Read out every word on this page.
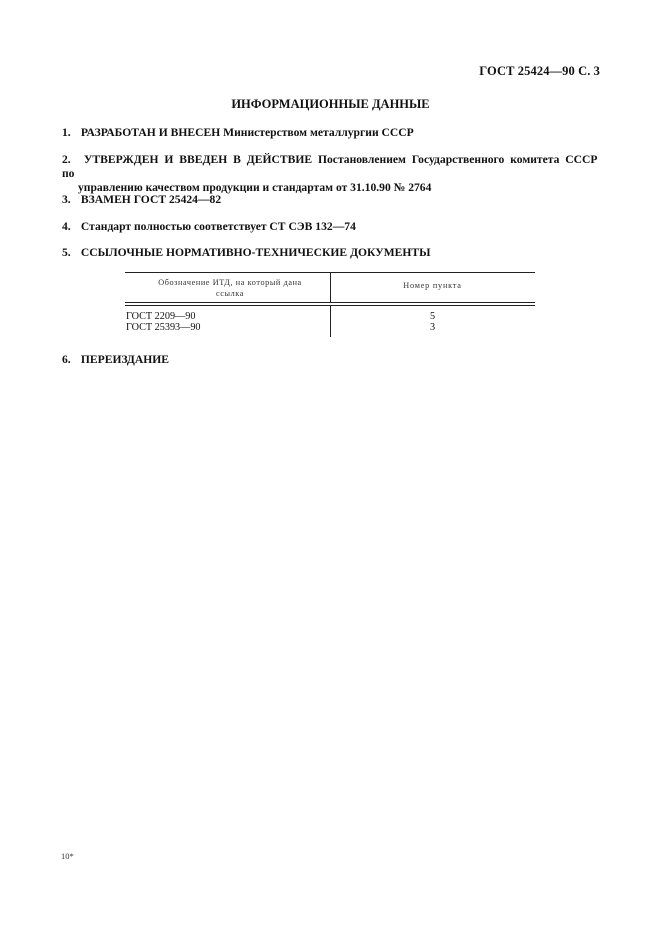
ГОСТ 25424—90 С. 3
ИНФОРМАЦИОННЫЕ ДАННЫЕ
1. РАЗРАБОТАН И ВНЕСЕН Министерством металлургии СССР
2. УТВЕРЖДЕН И ВВЕДЕН В ДЕЙСТВИЕ Постановлением Государственного комитета СССР по
управлению качеством продукции и стандартам от 31.10.90 № 2764
3. ВЗАМЕН ГОСТ 25424—82
4. Стандарт полностью соответствует СТ СЭВ 132—74
5. ССЫЛОЧНЫЕ НОРМАТИВНО-ТЕХНИЧЕСКИЕ ДОКУМЕНТЫ
Обозначение ИТД, на который дана ссылка
Номер пункта
ГОСТ 2209—90	5
ГОСТ 25393—90	3
6. ПЕРЕИЗДАНИЕ
10*
